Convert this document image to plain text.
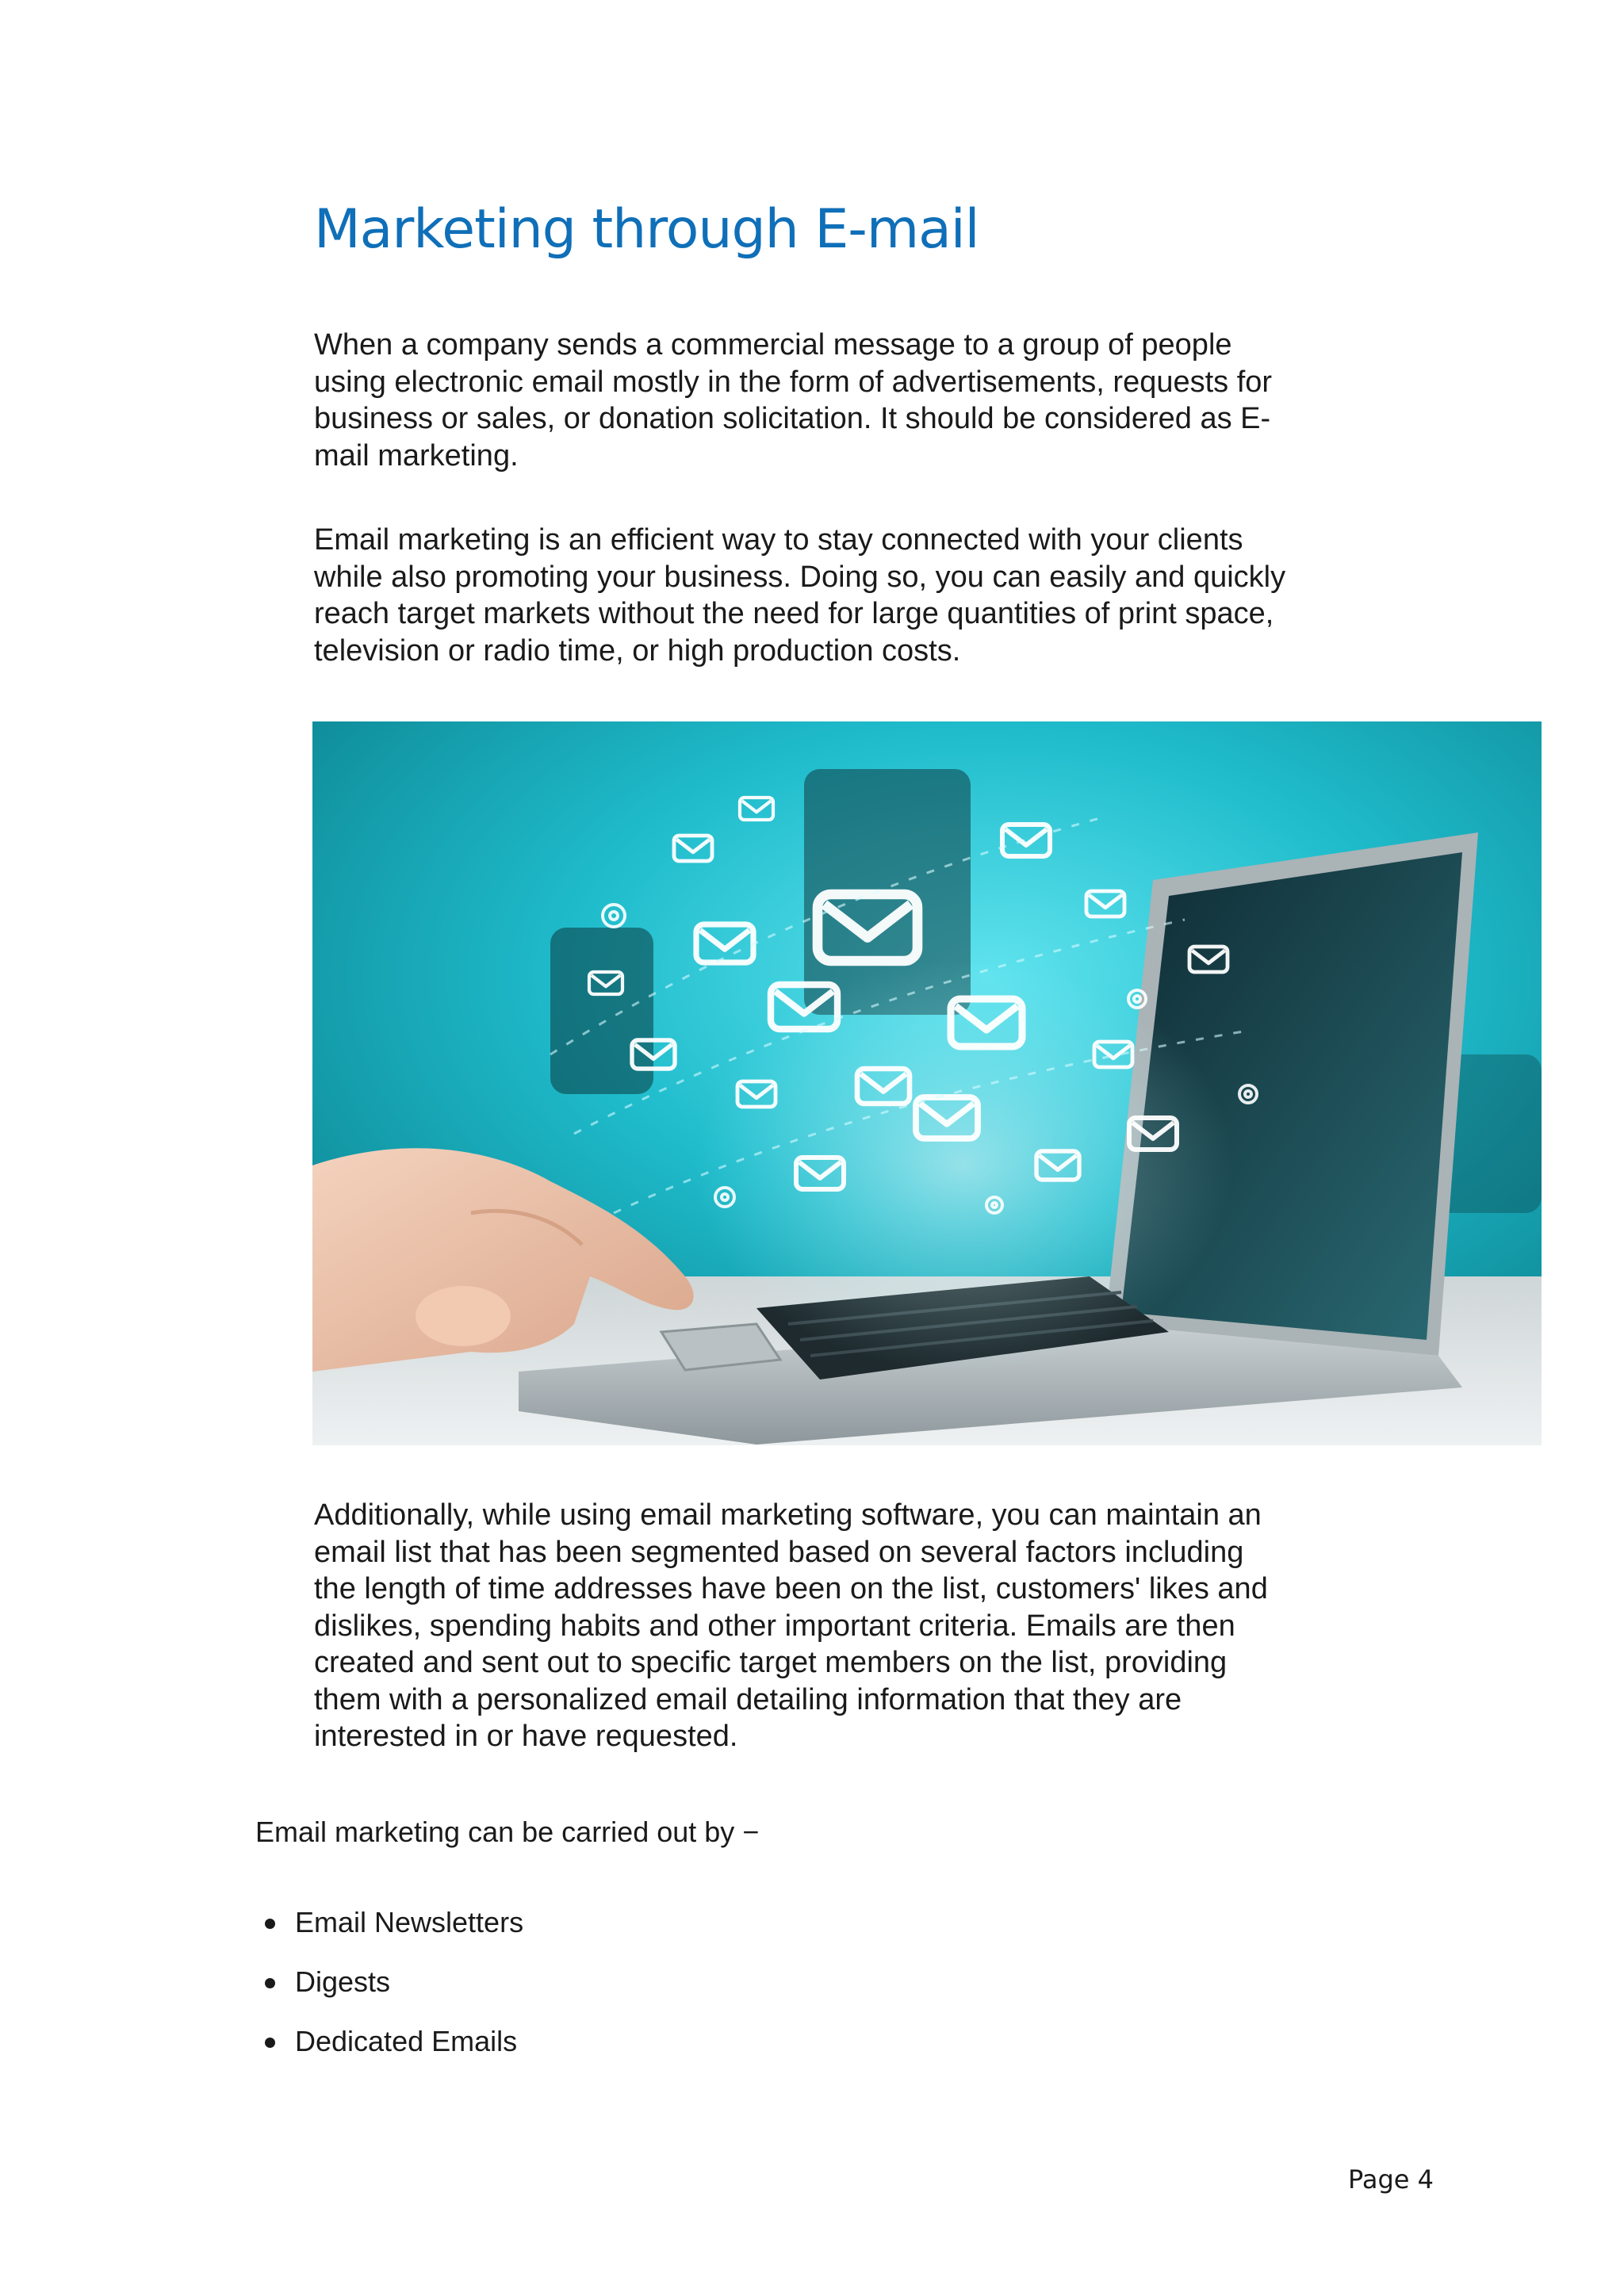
Marketing through E-mail

When a company sends a commercial message to a group of people
using electronic email mostly in the form of advertisements, requests for
business or sales, or donation solicitation. It should be considered as E-
mail marketing.

Email marketing is an efficient way to stay connected with your clients
while also promoting your business. Doing so, you can easily and quickly
reach target markets without the need for large quantities of print space,
television or radio time, or high production costs.

Additionally, while using email marketing software, you can maintain an
email list that has been segmented based on several factors including
the length of time addresses have been on the list, customers' likes and
dislikes, spending habits and other important criteria. Emails are then
created and sent out to specific target members on the list, providing
them with a personalized email detailing information that they are
interested in or have requested.

Email marketing can be carried out by −

Email Newsletters
Digests
Dedicated Emails

Page 4
